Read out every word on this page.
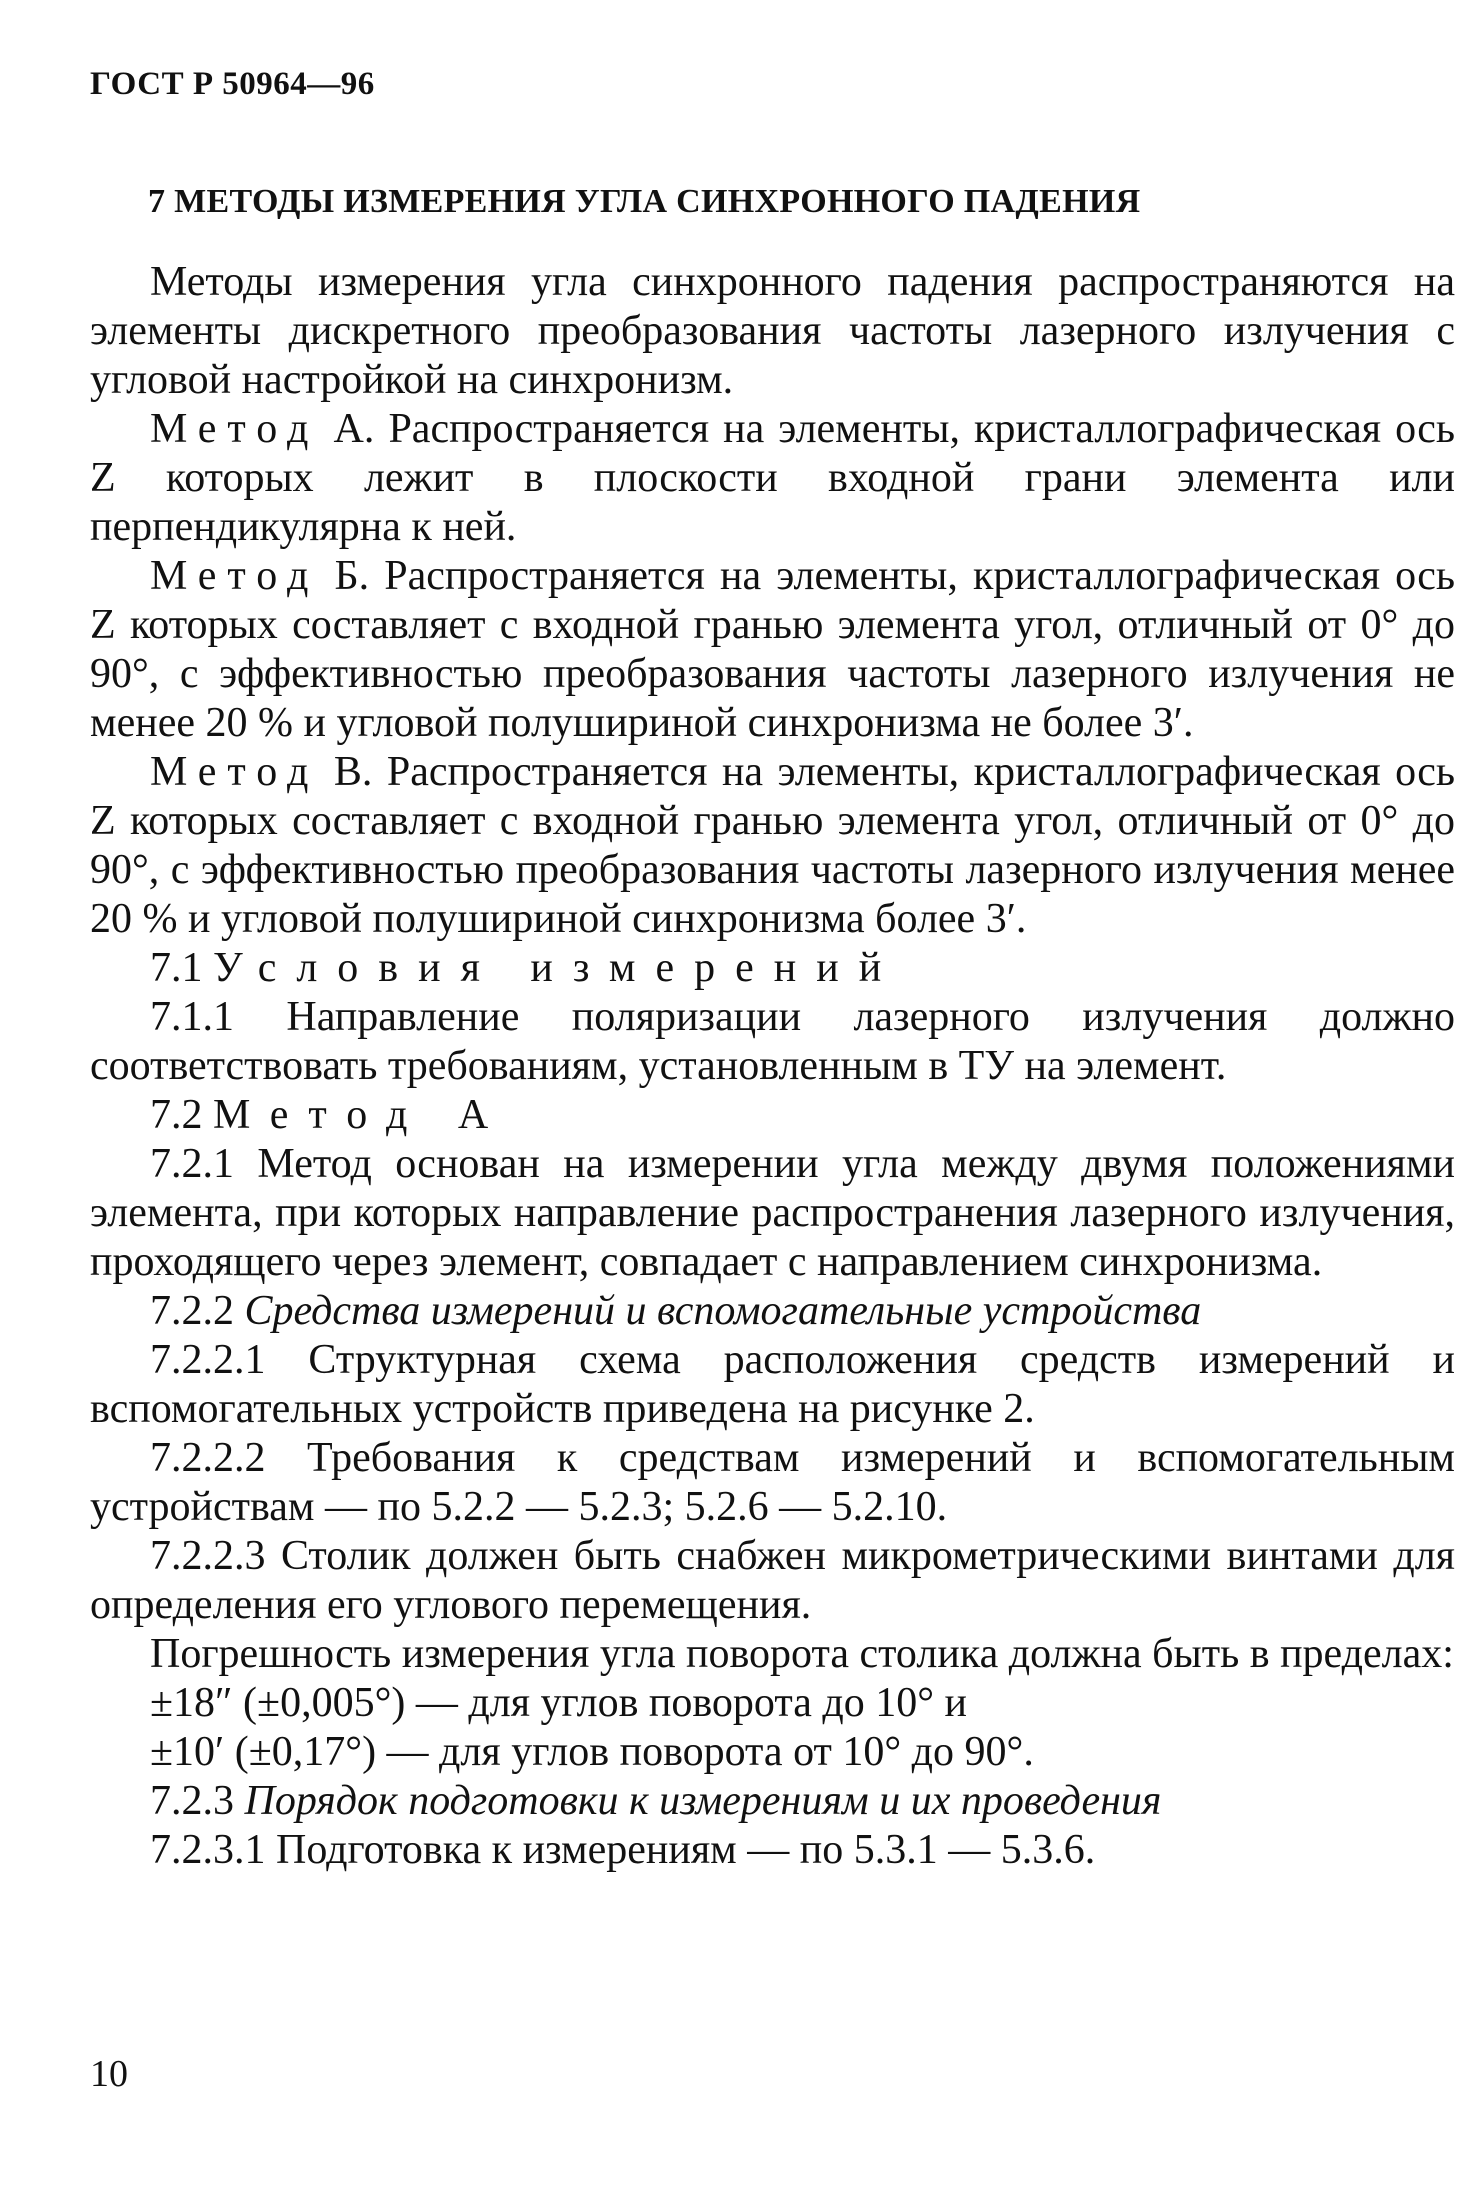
ГОСТ Р 50964—96
7 МЕТОДЫ ИЗМЕРЕНИЯ УГЛА СИНХРОННОГО ПАДЕНИЯ

Методы измерения угла синхронного падения распространяются на элементы дискретного преобразования частоты лазерного излучения с угловой настройкой на синхронизм.

Метод А. Распространяется на элементы, кристаллографическая ось Z которых лежит в плоскости входной грани элемента или перпендикулярна к ней.

Метод Б. Распространяется на элементы, кристаллографическая ось Z которых составляет с входной гранью элемента угол, отличный от 0° до 90°, с эффективностью преобразования частоты лазерного излучения не менее 20 % и угловой полушириной синхронизма не более 3′.

Метод В. Распространяется на элементы, кристаллографическая ось Z которых составляет с входной гранью элемента угол, отличный от 0° до 90°, с эффективностью преобразования частоты лазерного излучения менее 20 % и угловой полушириной синхронизма более 3′.

7.1 Условия измерений

7.1.1 Направление поляризации лазерного излучения должно соответствовать требованиям, установленным в ТУ на элемент.

7.2 Метод А

7.2.1 Метод основан на измерении угла между двумя положениями элемента, при которых направление распространения лазерного излучения, проходящего через элемент, совпадает с направлением синхронизма.

7.2.2 Средства измерений и вспомогательные устройства

7.2.2.1 Структурная схема расположения средств измерений и вспомогательных устройств приведена на рисунке 2.

7.2.2.2 Требования к средствам измерений и вспомогательным устройствам — по 5.2.2 — 5.2.3; 5.2.6 — 5.2.10.

7.2.2.3 Столик должен быть снабжен микрометрическими винтами для определения его углового перемещения.

Погрешность измерения угла поворота столика должна быть в пределах:

±18″ (±0,005°) — для углов поворота до 10° и

±10′ (±0,17°) — для углов поворота от 10° до 90°.

7.2.3 Порядок подготовки к измерениям и их проведения

7.2.3.1 Подготовка к измерениям — по 5.3.1 — 5.3.6.

10
